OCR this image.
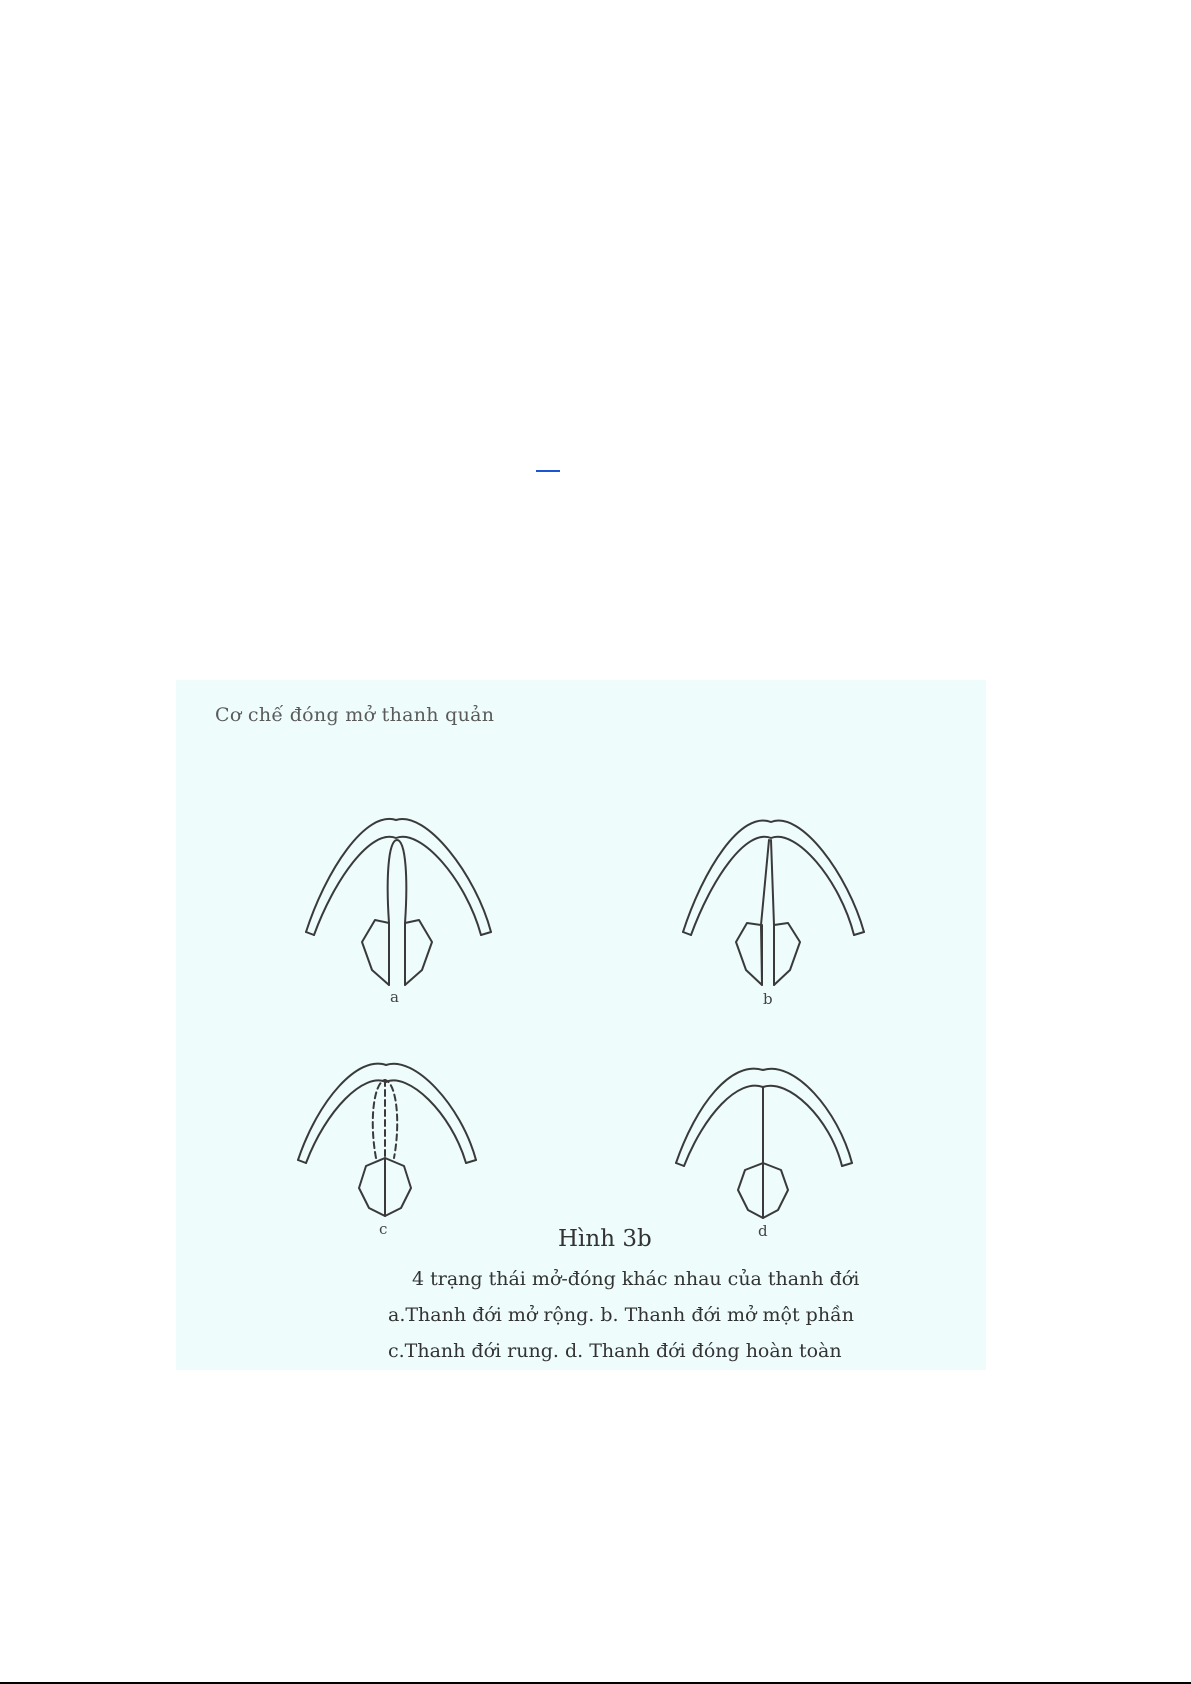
Cơ chế đóng mở thanh quản
a	b
c	d
Hình 3b
4 trạng thái mở-đóng khác nhau của thanh đới
a.Thanh đới mở rộng. b. Thanh đới mở một phần
c.Thanh đới rung. d. Thanh đới đóng hoàn toàn
